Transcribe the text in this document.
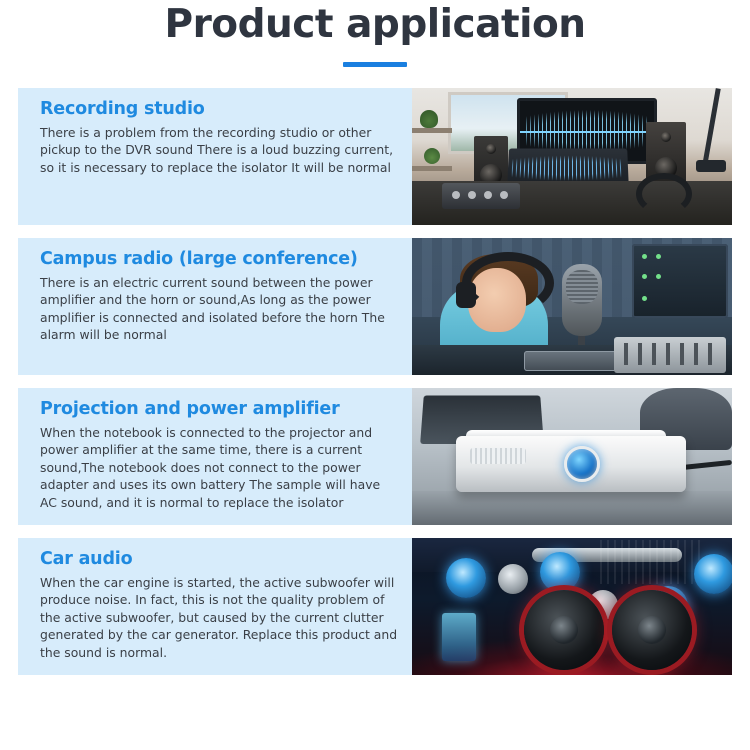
Product application
Recording studio

There is a problem from the recording studio or other pickup to the DVR sound There is a loud buzzing current, so it is necessary to replace the isolator It will be normal

Campus radio (large conference)

There is an electric current sound between the power amplifier and the horn or sound,As long as the power amplifier is connected and isolated before the horn The alarm will be normal

Projection and power amplifier

When the notebook is connected to the projector and power amplifier at the same time, there is a current sound,The notebook does not connect to the power adapter and uses its own battery The sample will have AC sound, and it is normal to replace the isolator

Car audio

When the car engine is started, the active subwoofer will produce noise. In fact, this is not the quality problem of the active subwoofer, but caused by the current clutter generated by the car generator. Replace this product and the sound is normal.
